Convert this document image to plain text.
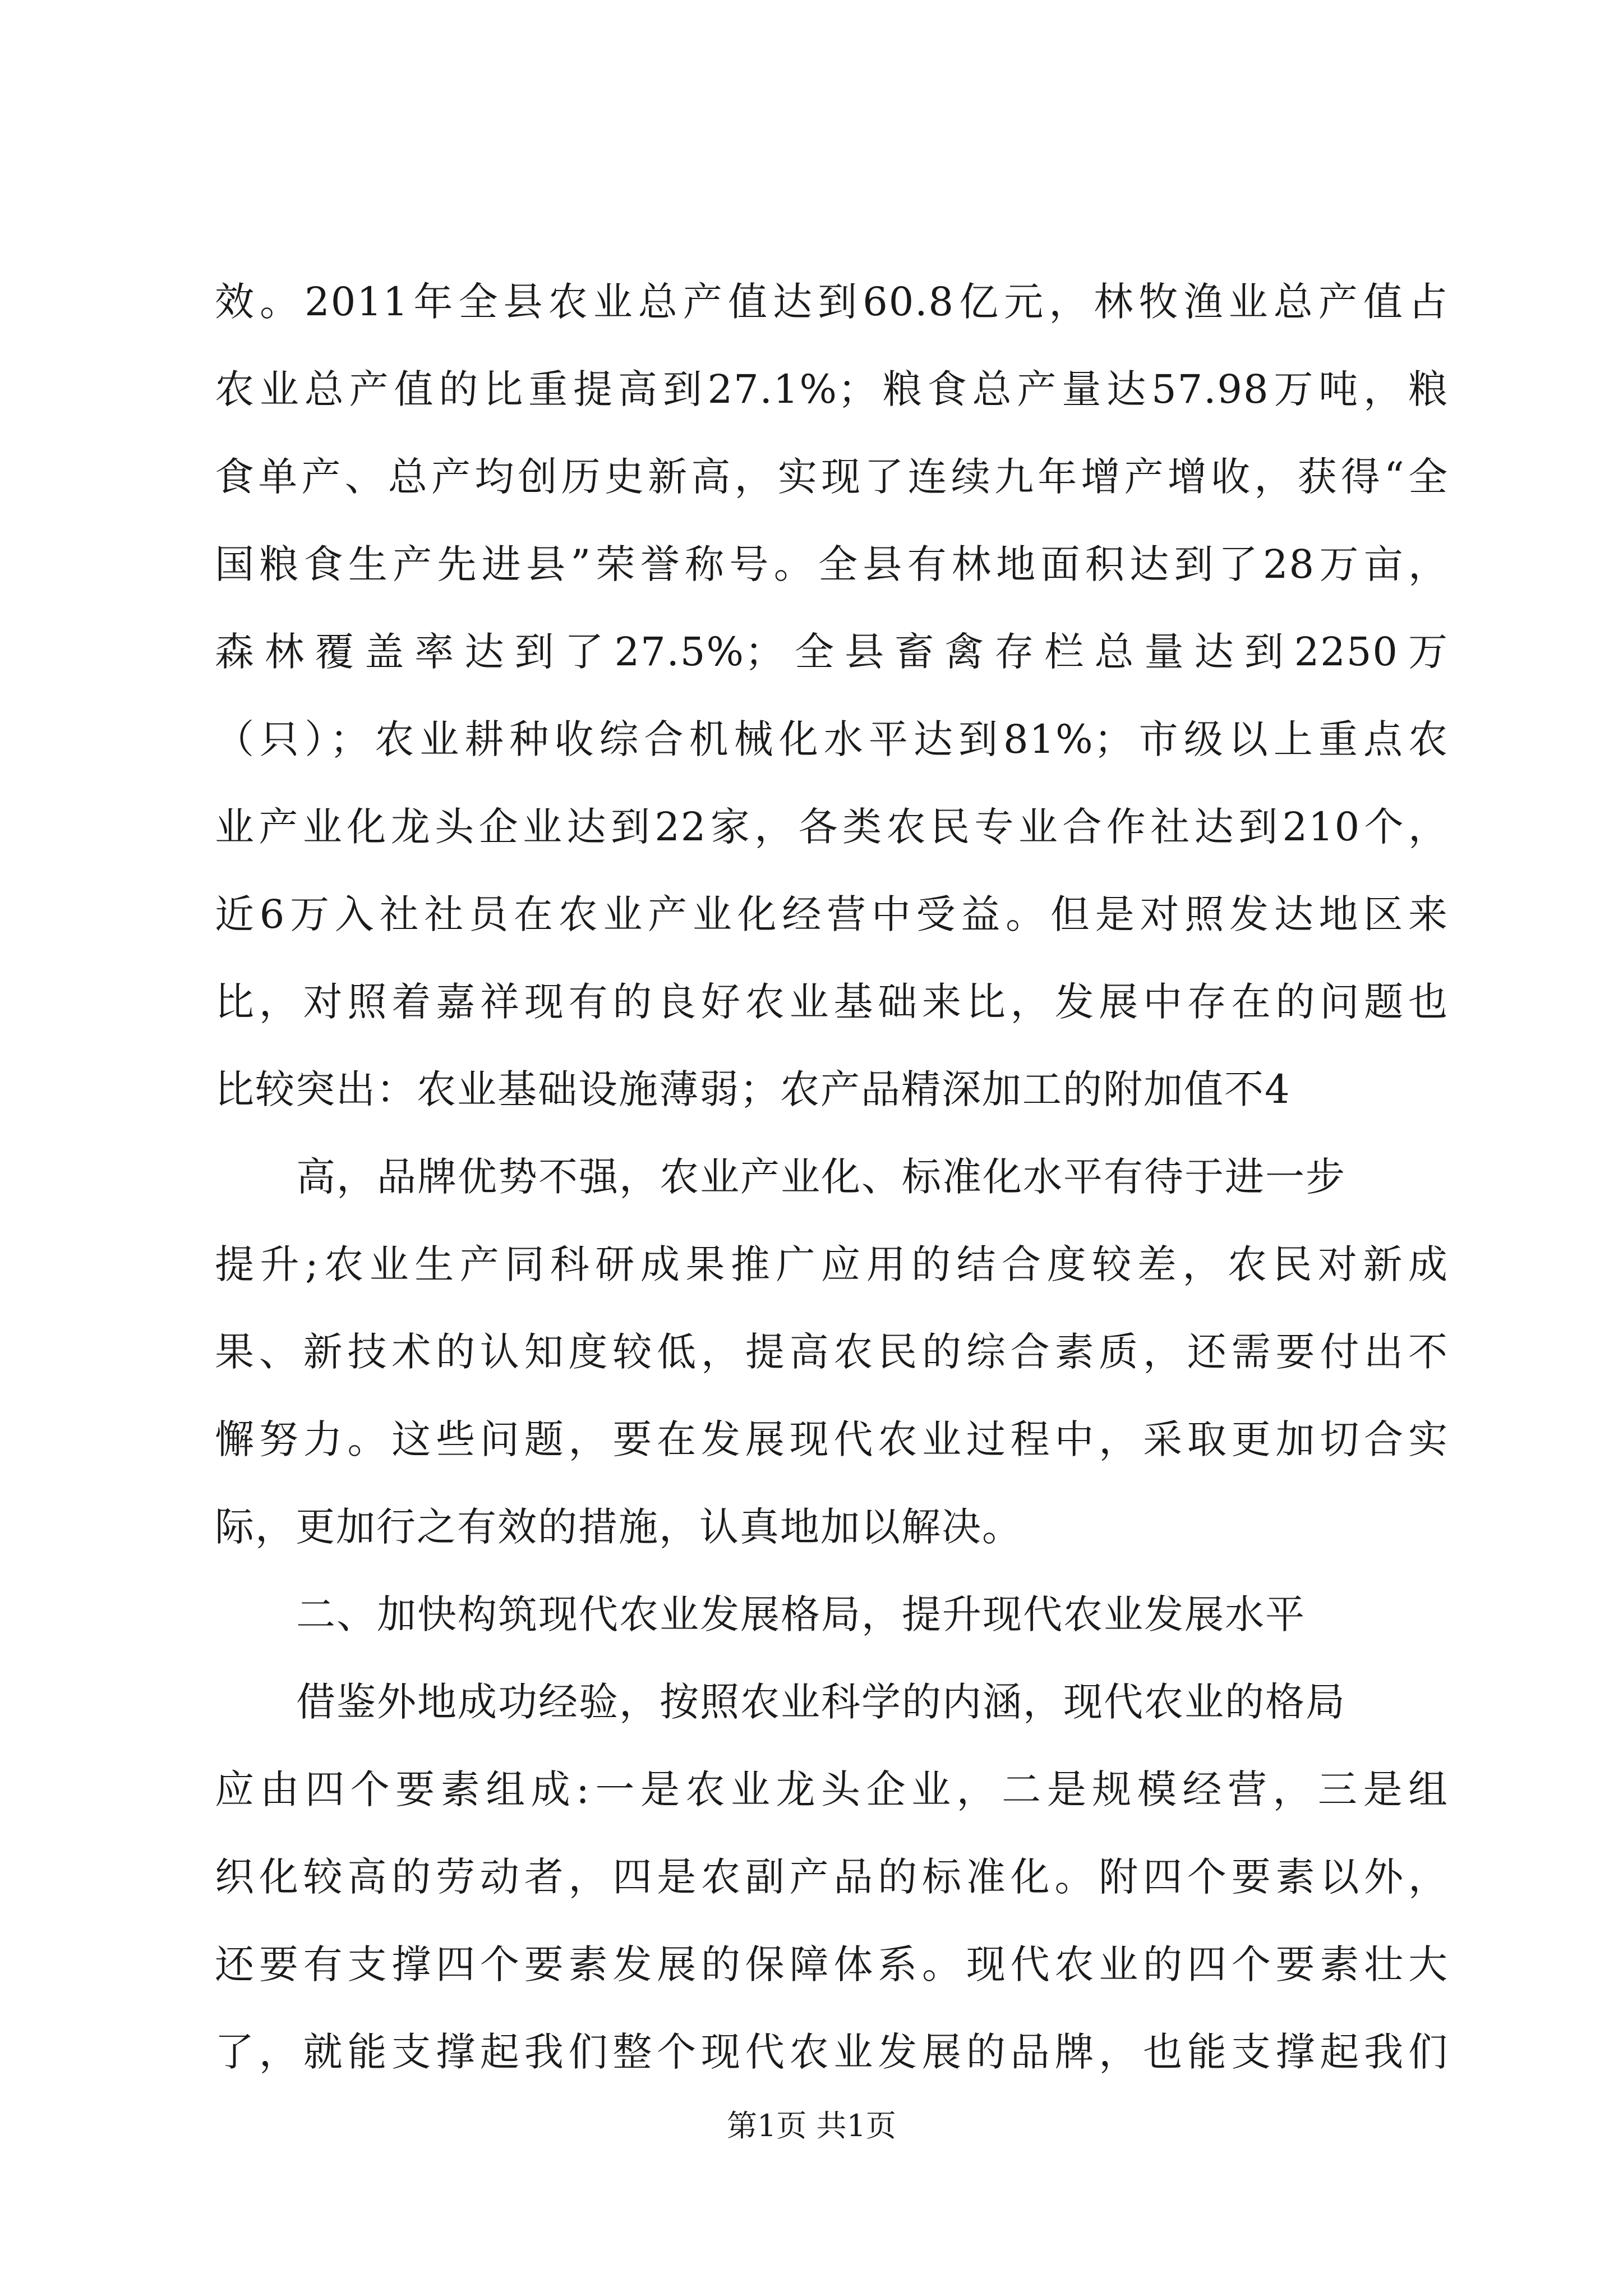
效。2011年全县农业总产值达到60.8亿元，林牧渔业总产值占
农业总产值的比重提高到27.1%；粮食总产量达57.98万吨，粮
食单产、总产均创历史新高，实现了连续九年增产增收，获得“全
国粮食生产先进县”荣誉称号。全县有林地面积达到了28万亩，
森林覆盖率达到了27.5%；全县畜禽存栏总量达到2250万
（只）；农业耕种收综合机械化水平达到81%；市级以上重点农
业产业化龙头企业达到22家，各类农民专业合作社达到210个，
近6万入社社员在农业产业化经营中受益。但是对照发达地区来
比，对照着嘉祥现有的良好农业基础来比，发展中存在的问题也
比较突出：农业基础设施薄弱；农产品精深加工的附加值不4
高，品牌优势不强，农业产业化、标准化水平有待于进一步
提升;农业生产同科研成果推广应用的结合度较差，农民对新成
果、新技术的认知度较低，提高农民的综合素质，还需要付出不
懈努力。这些问题，要在发展现代农业过程中，采取更加切合实
际，更加行之有效的措施，认真地加以解决。
二、加快构筑现代农业发展格局，提升现代农业发展水平
借鉴外地成功经验，按照农业科学的内涵，现代农业的格局
应由四个要素组成:一是农业龙头企业，二是规模经营，三是组
织化较高的劳动者，四是农副产品的标准化。附四个要素以外，
还要有支撑四个要素发展的保障体系。现代农业的四个要素壮大
了，就能支撑起我们整个现代农业发展的品牌，也能支撑起我们
第1页 共1页
